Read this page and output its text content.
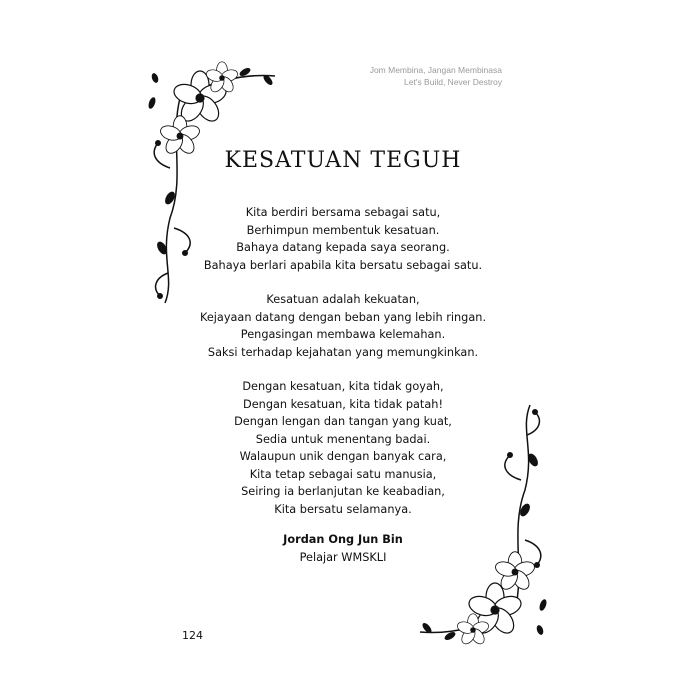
Jom Membina, Jangan Membinasa
Let's Build, Never Destroy
KESATUAN TEGUH
Kita berdiri bersama sebagai satu,
Berhimpun membentuk kesatuan.
Bahaya datang kepada saya seorang.
Bahaya berlari apabila kita bersatu sebagai satu.
Kesatuan adalah kekuatan,
Kejayaan datang dengan beban yang lebih ringan.
Pengasingan membawa kelemahan.
Saksi terhadap kejahatan yang memungkinkan.
Dengan kesatuan, kita tidak goyah,
Dengan kesatuan, kita tidak patah!
Dengan lengan dan tangan yang kuat,
Sedia untuk menentang badai.
Walaupun unik dengan banyak cara,
Kita tetap sebagai satu manusia,
Seiring ia berlanjutan ke keabadian,
Kita bersatu selamanya.
Jordan Ong Jun Bin
Pelajar WMSKLI
124
